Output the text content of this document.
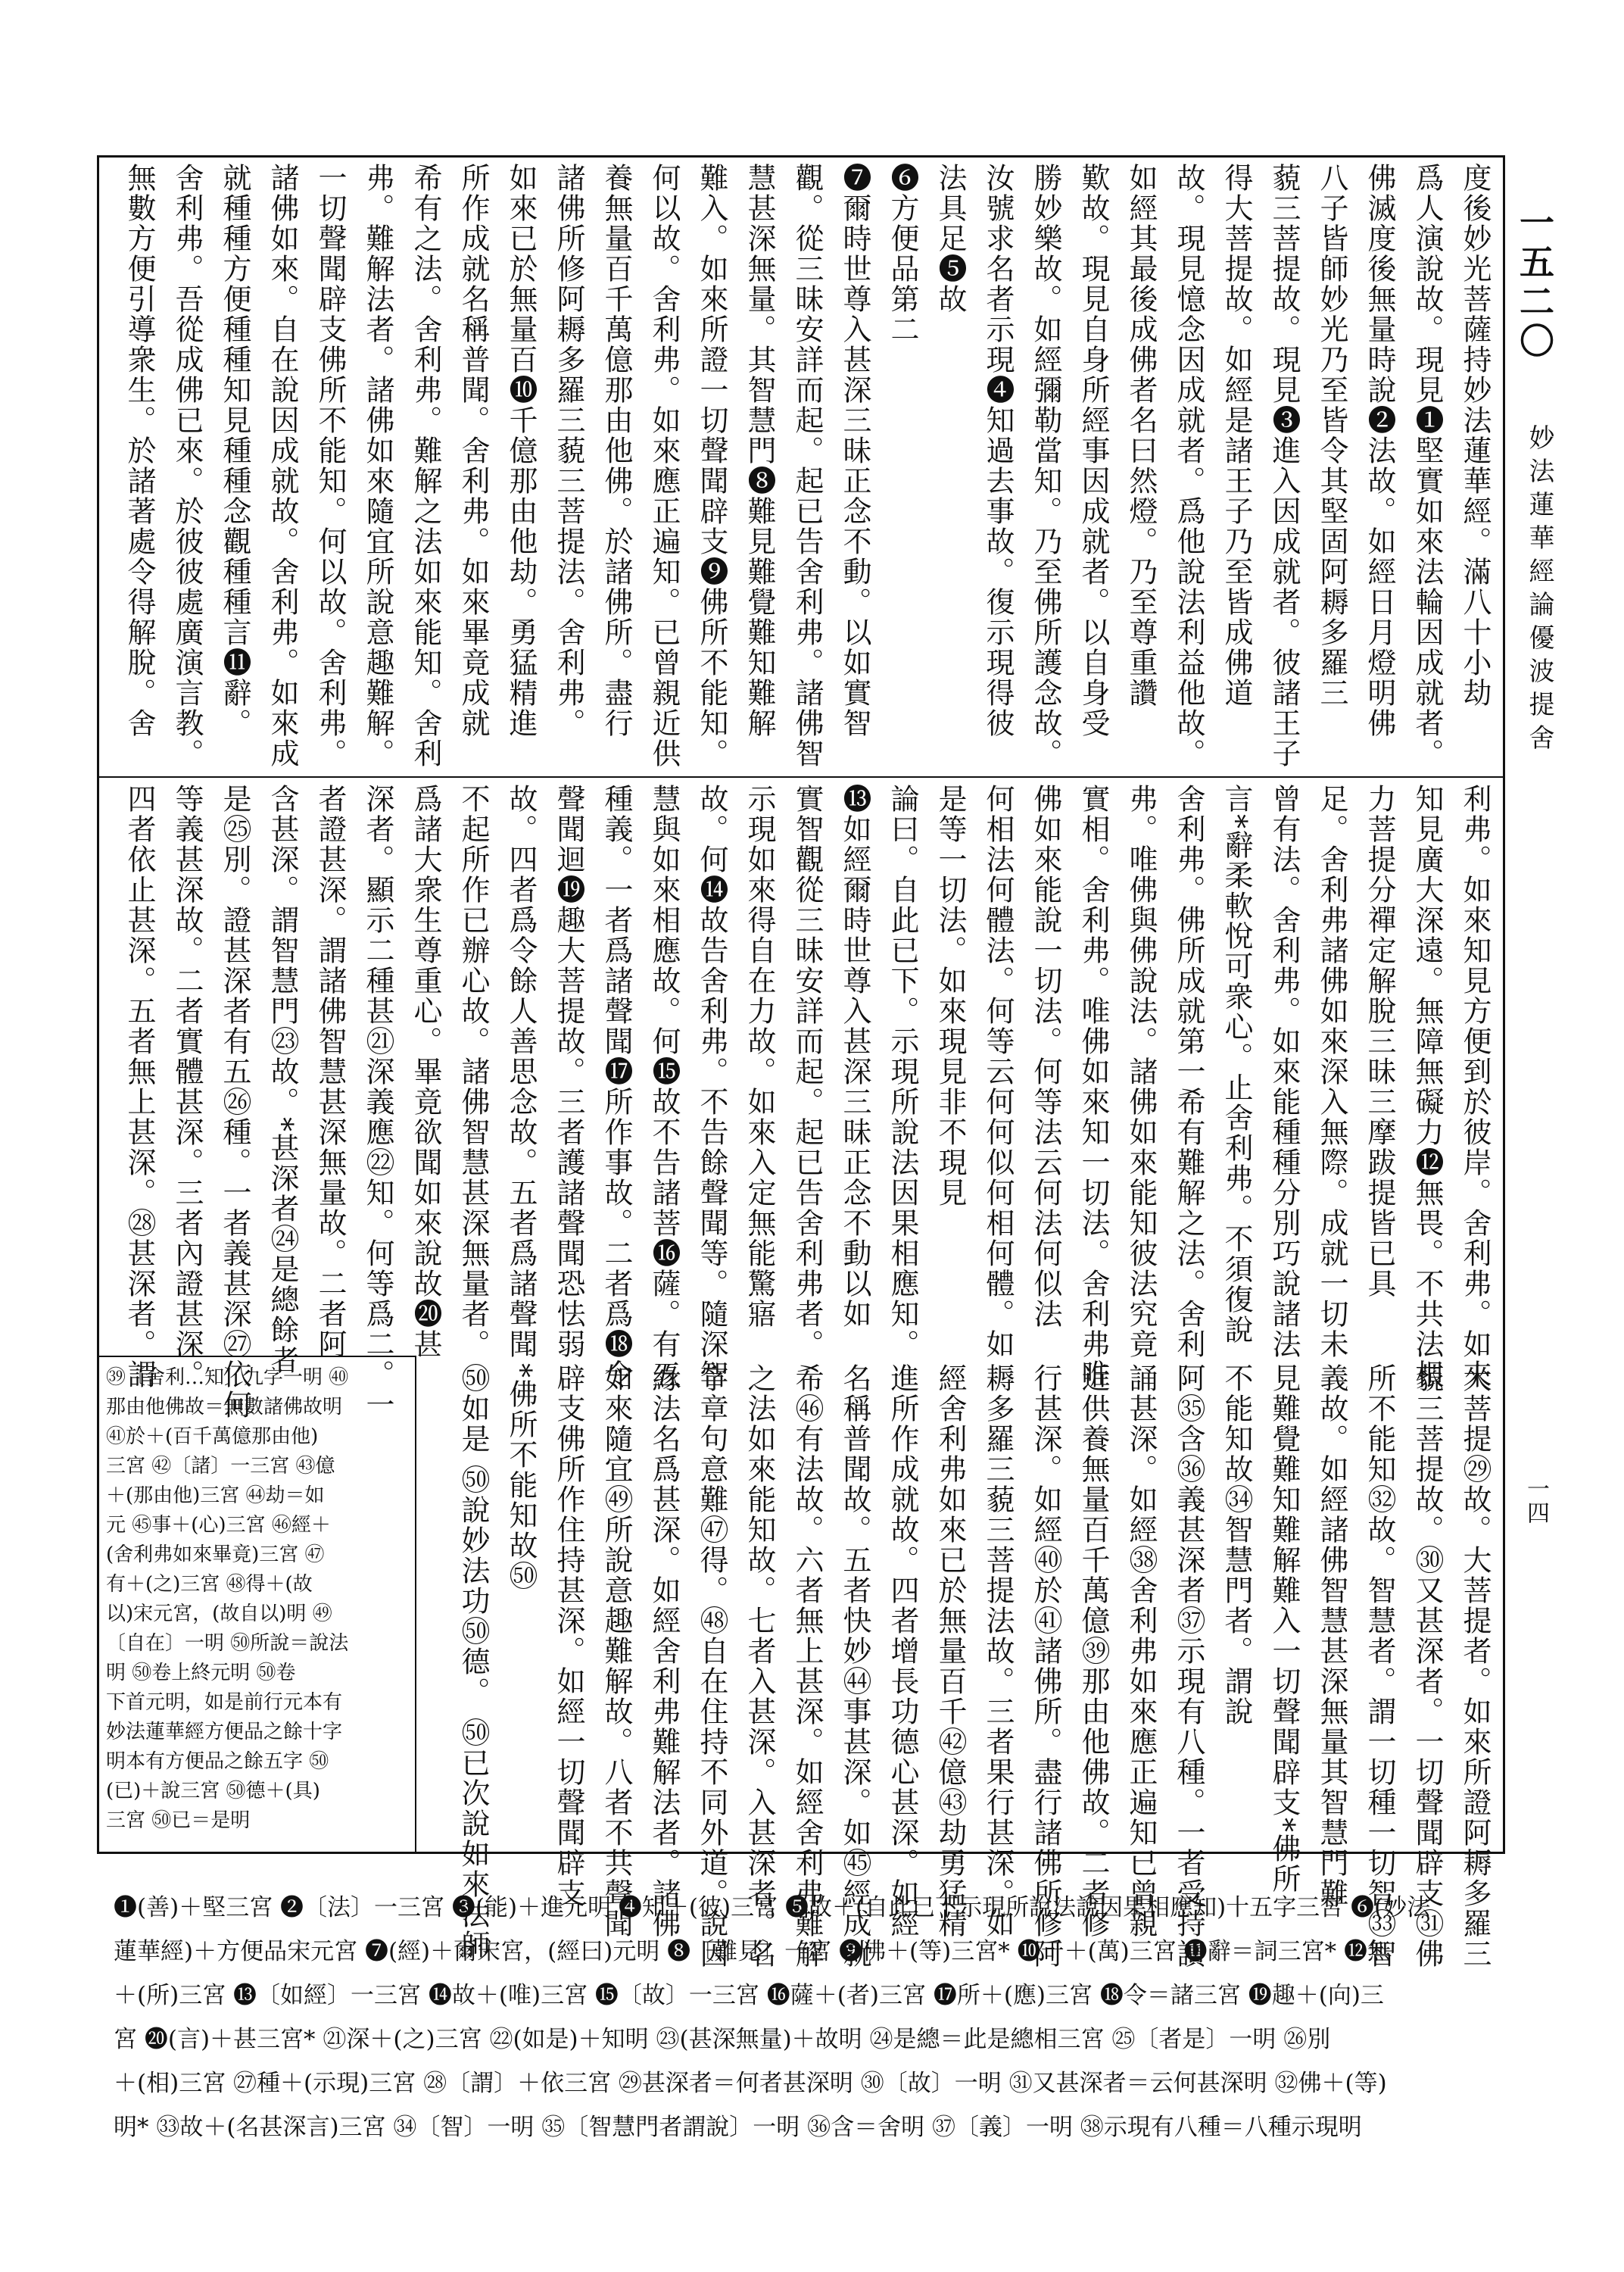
一五二〇
妙法蓮華經論優波提舍
一四
度後妙光菩薩持妙法蓮華經。滿八十小劫
爲人演說故。現見❶堅實如來法輪因成就者。
佛滅度後無量時說❷法故。如經日月燈明佛
八子皆師妙光乃至皆令其堅固阿耨多羅三
藐三菩提故。現見❸進入因成就者。彼諸王子
得大菩提故。如經是諸王子乃至皆成佛道
故。現見憶念因成就者。爲他說法利益他故。
如經其最後成佛者名曰然燈。乃至尊重讚
歎故。現見自身所經事因成就者。以自身受
勝妙樂故。如經彌勒當知。乃至佛所護念故。
汝號求名者示現❹知過去事故。復示現得彼
法具足❺故
❻方便品第二
❼爾時世尊入甚深三昧正念不動。以如實智
觀。從三昧安詳而起。起已告舍利弗。諸佛智
慧甚深無量。其智慧門❽難見難覺難知難解
難入。如來所證一切聲聞辟支❾佛所不能知。
何以故。舍利弗。如來應正遍知。已曾親近供
養無量百千萬億那由他佛。於諸佛所。盡行
諸佛所修阿耨多羅三藐三菩提法。舍利弗。
如來已於無量百❿千億那由他劫。勇猛精進
所作成就名稱普聞。舍利弗。如來畢竟成就
希有之法。舍利弗。難解之法如來能知。舍利
弗。難解法者。諸佛如來隨宜所說意趣難解。
一切聲聞辟支佛所不能知。何以故。舍利弗。
諸佛如來。自在說因成就故。舍利弗。如來成
就種種方便種種知見種種念觀種種言⓫辭。
舍利弗。吾從成佛已來。於彼彼處廣演言教。
無數方便引導衆生。於諸著處令得解脫。舍
利弗。如來知見方便到於彼岸。舍利弗。如來
知見廣大深遠。無障無礙力⓬無畏。不共法根
力菩提分禪定解脫三昧三摩跋提皆已具
足。舍利弗諸佛如來深入無際。成就一切未
曾有法。舍利弗。如來能種種分別巧說諸法
言*辭柔軟悅可衆心。止舍利弗。不須復說
舍利弗。佛所成就第一希有難解之法。舍利
弗。唯佛與佛說法。諸佛如來能知彼法究竟
實相。舍利弗。唯佛如來知一切法。舍利弗唯
佛如來能說一切法。何等法云何法何似法
何相法何體法。何等云何何似何相何體。如
是等一切法。如來現見非不現見
論曰。自此已下。示現所說法因果相應知。
⓭如經爾時世尊入甚深三昧正念不動以如
實智觀從三昧安詳而起。起已告舍利弗者。
示現如來得自在力故。如來入定無能驚寤
故。何⓮故告舍利弗。不告餘聲聞等。隨深智
慧與如來相應故。何⓯故不告諸菩⓰薩。有五
種義。一者爲諸聲聞⓱所作事故。二者爲⓲令
聲聞迴⓳趣大菩提故。三者護諸聲聞恐怯弱
故。四者爲令餘人善思念故。五者爲諸聲聞
不起所作已辦心故。諸佛智慧甚深無量者。
爲諸大衆生尊重心。畢竟欲聞如來說故⓴甚
深者。顯示二種甚㉑深義應㉒知。何等爲二。一
者證甚深。謂諸佛智慧甚深無量故。二者阿
含甚深。謂智慧門㉓故。*甚深者㉔是總餘者
是㉕別。證甚深者有五㉖種。一者義甚深㉗依何
等義甚深故。二者實體甚深。三者內證甚深。
四者依止甚深。五者無上甚深。㉘甚深者。謂
大菩提㉙故。大菩提者。如來所證阿耨多羅三
藐三菩提故。㉚又甚深者。一切聲聞辟支㉛佛
所不能知㉜故。智慧者。謂一切種一切智㉝智
義故。如經諸佛智慧甚深無量其智慧門難
見難覺難知難解難入一切聲聞辟支*佛所
不能知故㉞智慧門者。謂說
阿㉟含㊱義甚深者㊲示現有八種。一者受持讀
誦甚深。如經㊳舍利弗如來應正遍知已曾親
近供養無量百千萬億㊴那由他佛故。二者修
行甚深。如經㊵於㊶諸佛所。盡行諸佛所修阿
耨多羅三藐三菩提法故。三者果行甚深。如
經舍利弗如來已於無量百千㊷億㊸劫勇猛精
進所作成就故。四者增長功德心甚深。如經
名稱普聞故。五者快妙㊹事甚深。如㊺經成就
希㊻有法故。六者無上甚深。如經舍利弗難解
之法如來能知故。七者入甚深。入甚深者。名
字章句意難㊼得。㊽自在住持不同外道。說因
緣法名爲甚深。如經舍利弗難解法者。諸佛
如來隨宜㊾所說意趣難解故。八者不共聲聞
辟支佛所作住持甚深。如經一切聲聞辟支
*佛所不能知故㊿
㊿如是 ㊿說妙法功㊿德。 ㊿已次說如來法師
㊴〔舍利…知〕九字一明 ㊵
那由他佛故＝無數諸佛故明
㊶於＋(百千萬億那由他)
三宮 ㊷〔諸〕一三宮 ㊸億
＋(那由他)三宮 ㊹劫＝如
元 ㊺事＋(心)三宮 ㊻經＋
(舍利弗如來畢竟)三宮 ㊼
有＋(之)三宮 ㊽得＋(故
以)宋元宮，(故自以)明 ㊾
〔自在〕一明 ㊿所說＝說法
明 ㊿卷上終元明 ㊿卷
下首元明，如是前行元本有
妙法蓮華經方便品之餘十字
明本有方便品之餘五字 ㊿
(已)＋說三宮 ㊿德＋(具)
三宮 ㊿已＝是明
❶(善)＋堅三宮 ❷〔法〕一三宮 ❸(能)＋進元明 ❹知＋(彼)三宮 ❺故＋(自此已下示現所說法說因果相應知)十五字三宮 ❻(妙法
蓮華經)＋方便品宋元宮 ❼(經)＋爾宋宮，(經曰)元明 ❽〔難見〕一宮 ❾佛＋(等)三宮* ❿千＋(萬)三宮 ⓫辭＝詞三宮* ⓬無
＋(所)三宮 ⓭〔如經〕一三宮 ⓮故＋(唯)三宮 ⓯〔故〕一三宮 ⓰薩＋(者)三宮 ⓱所＋(應)三宮 ⓲令＝諸三宮 ⓳趣＋(向)三
宮 ⓴(言)＋甚三宮* ㉑深＋(之)三宮 ㉒(如是)＋知明 ㉓(甚深無量)＋故明 ㉔是總＝此是總相三宮 ㉕〔者是〕一明 ㉖別
＋(相)三宮 ㉗種＋(示現)三宮 ㉘〔謂〕＋依三宮 ㉙甚深者＝何者甚深明 ㉚〔故〕一明 ㉛又甚深者＝云何甚深明 ㉜佛＋(等)
明* ㉝故＋(名甚深言)三宮 ㉞〔智〕一明 ㉟〔智慧門者謂說〕一明 ㊱含＝舍明 ㊲〔義〕一明 ㊳示現有八種＝八種示現明
